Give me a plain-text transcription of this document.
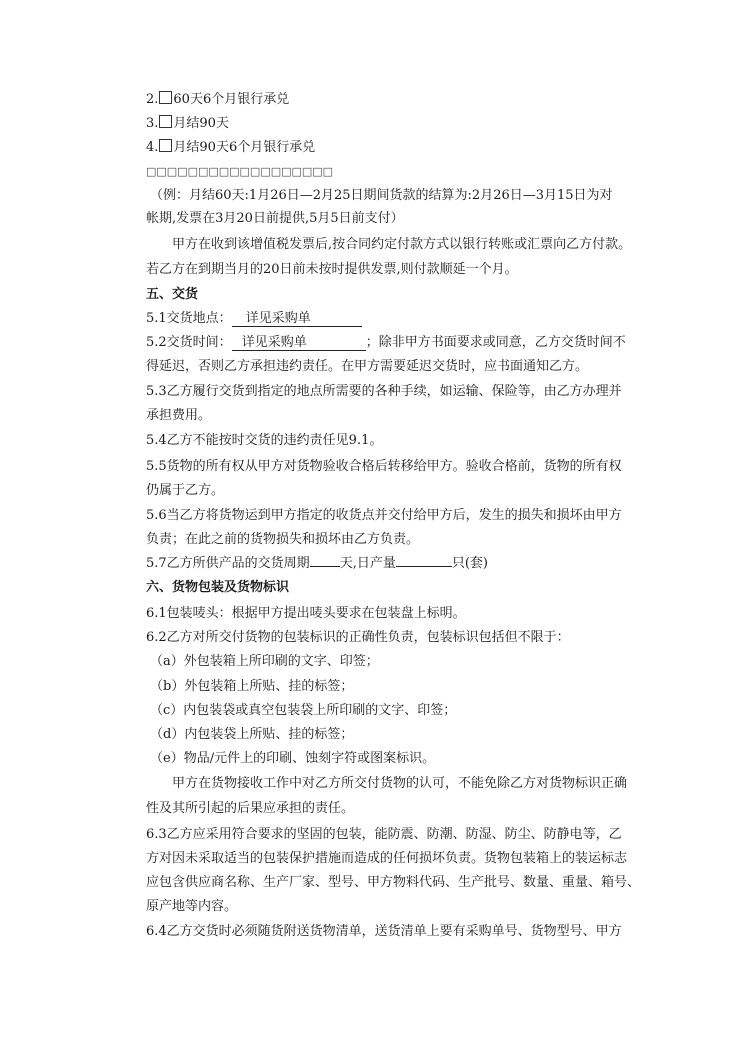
2. 60天6个月银行承兑
3. 月结90天
4. 月结90天6个月银行承兑
□□□□□□□□□□□□□□□□□□
（例：月结60天:1月26日—2月25日期间货款的结算为:2月26日—3月15日为对
帐期,发票在3月20日前提供,5月5日前支付）
甲方在收到该增值税发票后,按合同约定付款方式以银行转账或汇票向乙方付款。
若乙方在到期当月的20日前未按时提供发票,则付款顺延一个月。
五、交货
5.1交货地点： 详见采购单
5.2交货时间： 详见采购单	；除非甲方书面要求或同意，乙方交货时间不
得延迟，否则乙方承担违约责任。在甲方需要延迟交货时，应书面通知乙方。
5.3乙方履行交货到指定的地点所需要的各种手续，如运输、保险等，由乙方办理并
承担费用。
5.4乙方不能按时交货的违约责任见9.1。
5.5货物的所有权从甲方对货物验收合格后转移给甲方。验收合格前，货物的所有权
仍属于乙方。
5.6当乙方将货物运到甲方指定的收货点并交付给甲方后，发生的损失和损坏由甲方
负责；在此之前的货物损失和损坏由乙方负责。
5.7乙方所供产品的交货周期 天,日产量	只(套)
六、货物包装及货物标识
6.1包装唛头：根据甲方提出唛头要求在包装盘上标明。
6.2乙方对所交付货物的包装标识的正确性负责，包装标识包括但不限于：
（a）外包装箱上所印刷的文字、印签；
（b）外包装箱上所贴、挂的标签；
（c）内包装袋或真空包装袋上所印刷的文字、印签；
（d）内包装袋上所贴、挂的标签；
（e）物品/元件上的印刷、蚀刻字符或图案标识。
甲方在货物接收工作中对乙方所交付货物的认可，不能免除乙方对货物标识正确
性及其所引起的后果应承担的责任。
6.3乙方应采用符合要求的坚固的包装，能防震、防潮、防湿、防尘、防静电等，乙
方对因未采取适当的包装保护措施而造成的任何损坏负责。货物包装箱上的装运标志
应包含供应商名称、生产厂家、型号、甲方物料代码、生产批号、数量、重量、箱号、
原产地等内容。
6.4乙方交货时必须随货附送货物清单，送货清单上要有采购单号、货物型号、甲方
